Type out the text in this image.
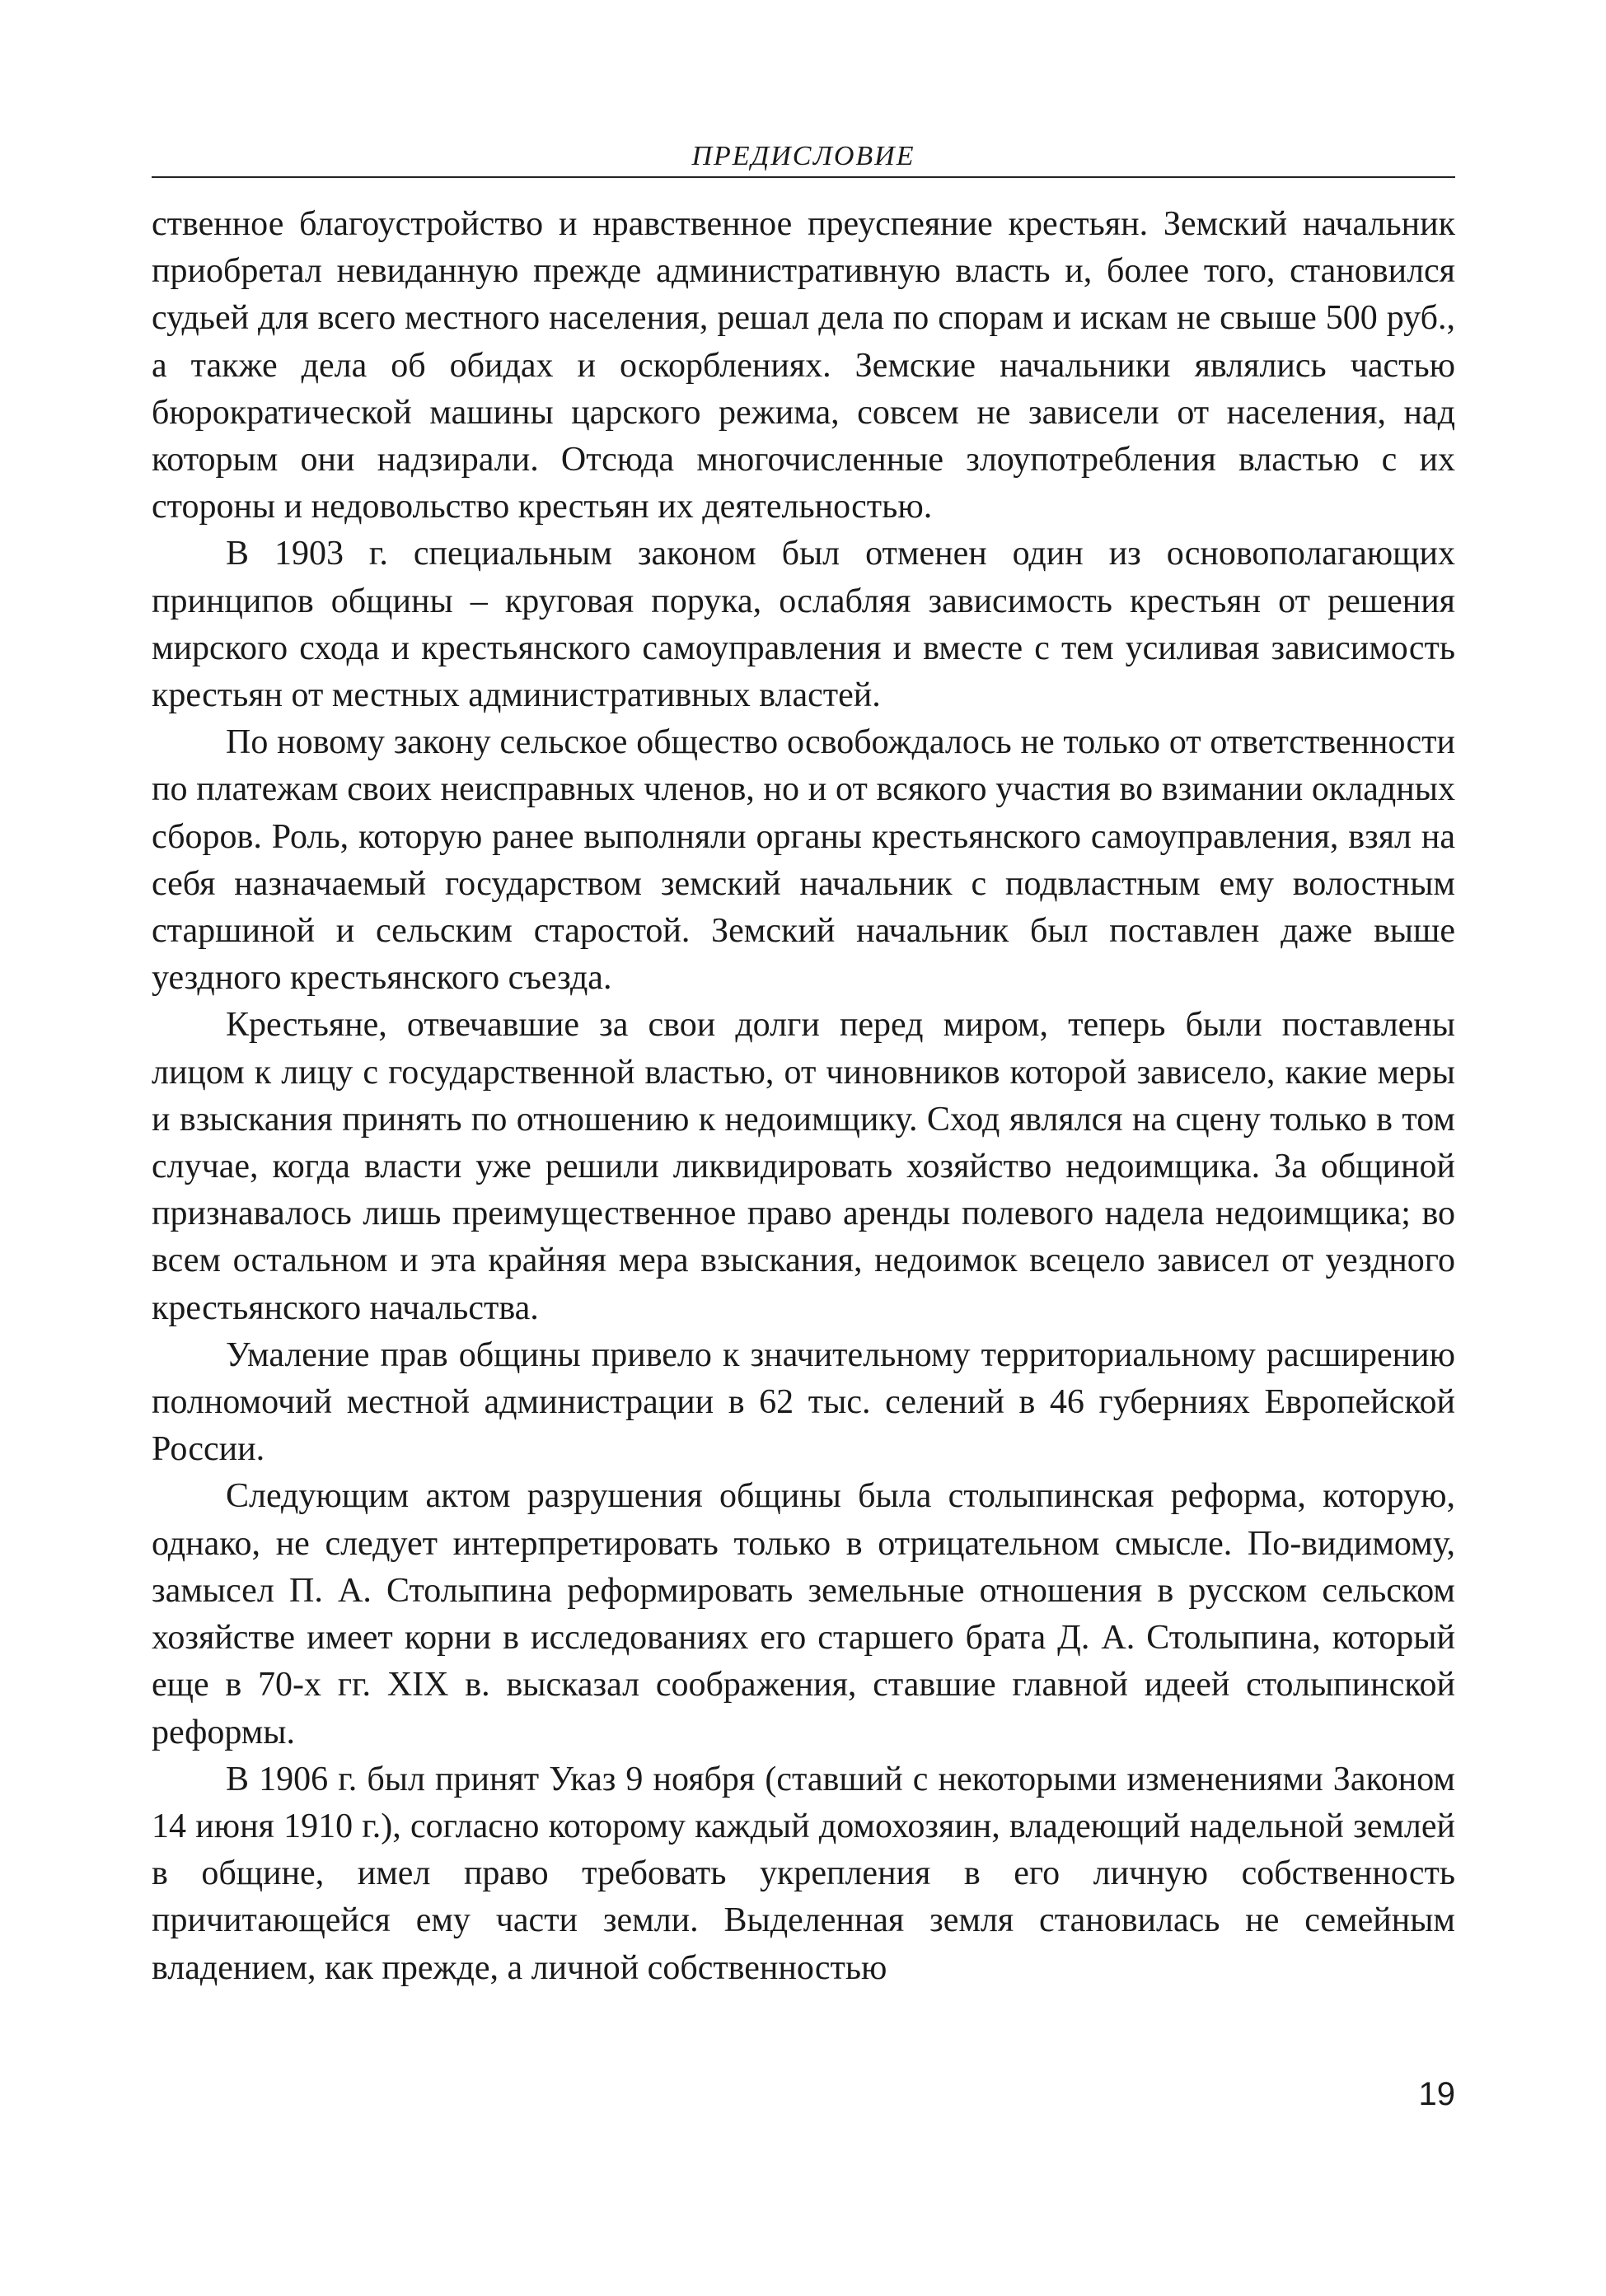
ПРЕДИСЛОВИЕ

ственное благоустройство и нравственное преуспеяние крестьян. Земский начальник приобретал невиданную прежде административную власть и, более того, становился судьей для всего местного населения, решал дела по спорам и искам не свыше 500 руб., а также дела об обидах и оскорблениях. Земские начальники являлись частью бюрократической машины царского режима, совсем не зависели от населения, над которым они надзирали. Отсюда многочисленные злоупотребления властью с их стороны и недовольство крестьян их деятельностью.

В 1903 г. специальным законом был отменен один из основополагающих принципов общины – круговая порука, ослабляя зависимость крестьян от решения мирского схода и крестьянского самоуправления и вместе с тем усиливая зависимость крестьян от местных административных властей.

По новому закону сельское общество освобождалось не только от ответственности по платежам своих неисправных членов, но и от всякого участия во взимании окладных сборов. Роль, которую ранее выполняли органы крестьянского самоуправления, взял на себя назначаемый государством земский начальник с подвластным ему волостным старшиной и сельским старостой. Земский начальник был поставлен даже выше уездного крестьянского съезда.

Крестьяне, отвечавшие за свои долги перед миром, теперь были поставлены лицом к лицу с государственной властью, от чиновников которой зависело, какие меры и взыскания принять по отношению к недоимщику. Сход являлся на сцену только в том случае, когда власти уже решили ликвидировать хозяйство недоимщика. За общиной признавалось лишь преимущественное право аренды полевого надела недоимщика; во всем остальном и эта крайняя мера взыскания, недоимок всецело зависел от уездного крестьянского начальства.

Умаление прав общины привело к значительному территориальному расширению полномочий местной администрации в 62 тыс. селений в 46 губерниях Европейской России.

Следующим актом разрушения общины была столыпинская реформа, которую, однако, не следует интерпретировать только в отрицательном смысле. По-видимому, замысел П. А. Столыпина реформировать земельные отношения в русском сельском хозяйстве имеет корни в исследованиях его старшего брата Д. А. Столыпина, который еще в 70-х гг. XIX в. высказал соображения, ставшие главной идеей столыпинской реформы.

В 1906 г. был принят Указ 9 ноября (ставший с некоторыми изменениями Законом 14 июня 1910 г.), согласно которому каждый домохозяин, владеющий надельной землей в общине, имел право требовать укрепления в его личную собственность причитающейся ему части земли. Выделенная земля становилась не семейным владением, как прежде, а личной собственностью

19
